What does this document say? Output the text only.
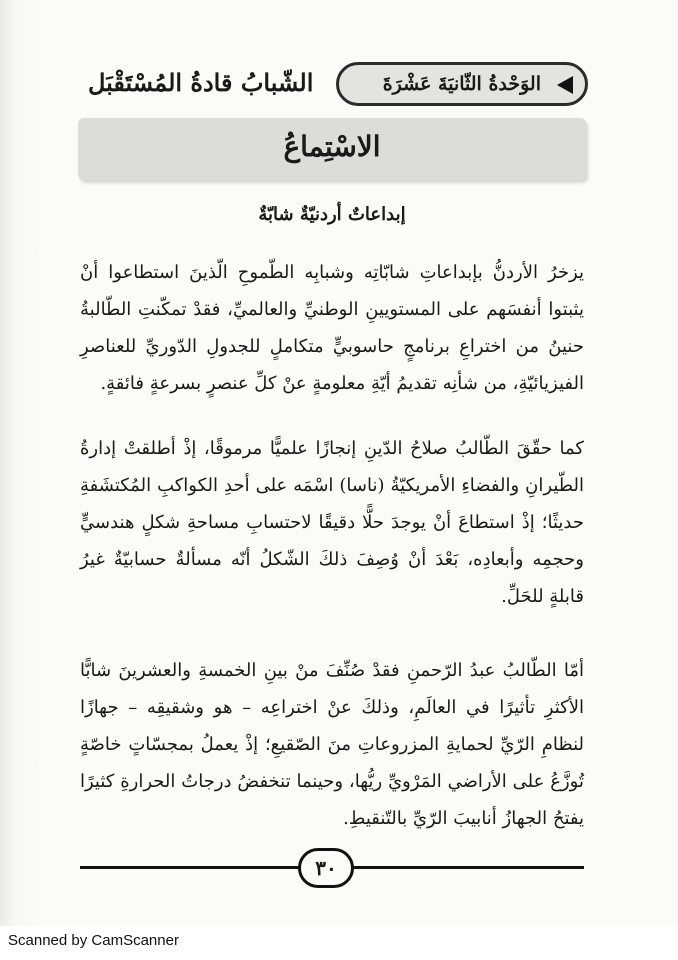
الوَحْدةُ الثّانيَةَ عَشْرَةَ
الشّبابُ قادةُ المُسْتَقْبَل
الاسْتِماعُ
إبداعاتٌ أردنيّةٌ شابّةٌ

يزخرُ الأردنُّ بإبداعاتِ شابّاتِه وشبابِه الطّموحِ الّذينَ استطاعوا أنْ يثبتوا أنفسَهم على المستويينِ الوطنيِّ والعالميِّ، فقدْ تمكّنتِ الطّالبةُ حنينُ من اختراعِ برنامجٍ حاسوبيٍّ متكاملٍ للجدولِ الدّوريِّ للعناصرِ الفيزيائيّةِ، من شأنِه تقديمُ أيّةِ معلومةٍ عنْ كلِّ عنصرٍ بسرعةٍ فائقةٍ.

كما حقّقَ الطّالبُ صلاحُ الدّينِ إنجازًا علميًّا مرموقًا، إذْ أطلقتْ إدارةُ الطّيرانِ والفضاءِ الأمريكيّةُ (ناسا) اسْمَه على أحدِ الكواكبِ المُكتشَفةِ حديثًا؛ إذْ استطاعَ أنْ يوجدَ حلًّا دقيقًا لاحتسابِ مساحةِ شكلٍ هندسيٍّ وحجمِه وأبعادِه، بَعْدَ أنْ وُصِفَ ذلكَ الشّكلُ أنّه مسألةٌ حسابيّةٌ غيرُ قابلةٍ للحَلِّ.

أمّا الطّالبُ عبدُ الرّحمنِ فقدْ صُنِّفَ منْ بينِ الخمسةِ والعشرينَ شابًّا الأكثرِ تأثيرًا في العالَمِ، وذلكَ عنْ اختراعِه – هو وشقيقِه – جهازًا لنظامِ الرّيِّ لحمايةِ المزروعاتِ منَ الصّقيعِ؛ إذْ يعملُ بمجسّاتٍ خاصّةٍ تُوزَّعُ على الأراضي المَرْويِّ ريُّها، وحينما تنخفضُ درجاتُ الحرارةِ كثيرًا يفتحُ الجهازُ أنابيبَ الرّيِّ بالتّنقيطِ.

٣٠
Scanned by CamScanner
